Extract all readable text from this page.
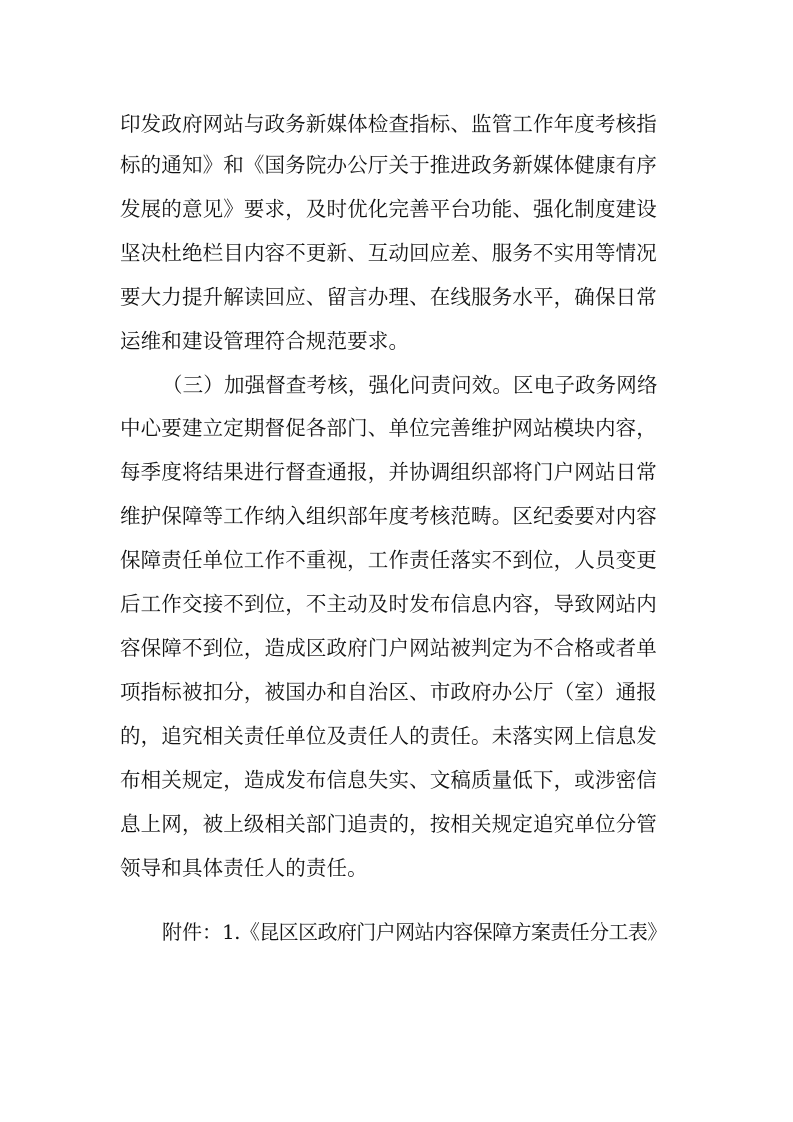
印发政府网站与政务新媒体检查指标、监管工作年度考核指
标的通知》和《国务院办公厅关于推进政务新媒体健康有序
发展的意见》要求，及时优化完善平台功能、强化制度建设
坚决杜绝栏目内容不更新、互动回应差、服务不实用等情况
要大力提升解读回应、留言办理、在线服务水平，确保日常
运维和建设管理符合规范要求。
（三）加强督查考核，强化问责问效。区电子政务网络
中心要建立定期督促各部门、单位完善维护网站模块内容，
每季度将结果进行督查通报，并协调组织部将门户网站日常
维护保障等工作纳入组织部年度考核范畴。区纪委要对内容
保障责任单位工作不重视，工作责任落实不到位，人员变更
后工作交接不到位，不主动及时发布信息内容，导致网站内
容保障不到位，造成区政府门户网站被判定为不合格或者单
项指标被扣分，被国办和自治区、市政府办公厅（室）通报
的，追究相关责任单位及责任人的责任。未落实网上信息发
布相关规定，造成发布信息失实、文稿质量低下，或涉密信
息上网，被上级相关部门追责的，按相关规定追究单位分管
领导和具体责任人的责任。
附件：1.《昆区区政府门户网站内容保障方案责任分工表》
